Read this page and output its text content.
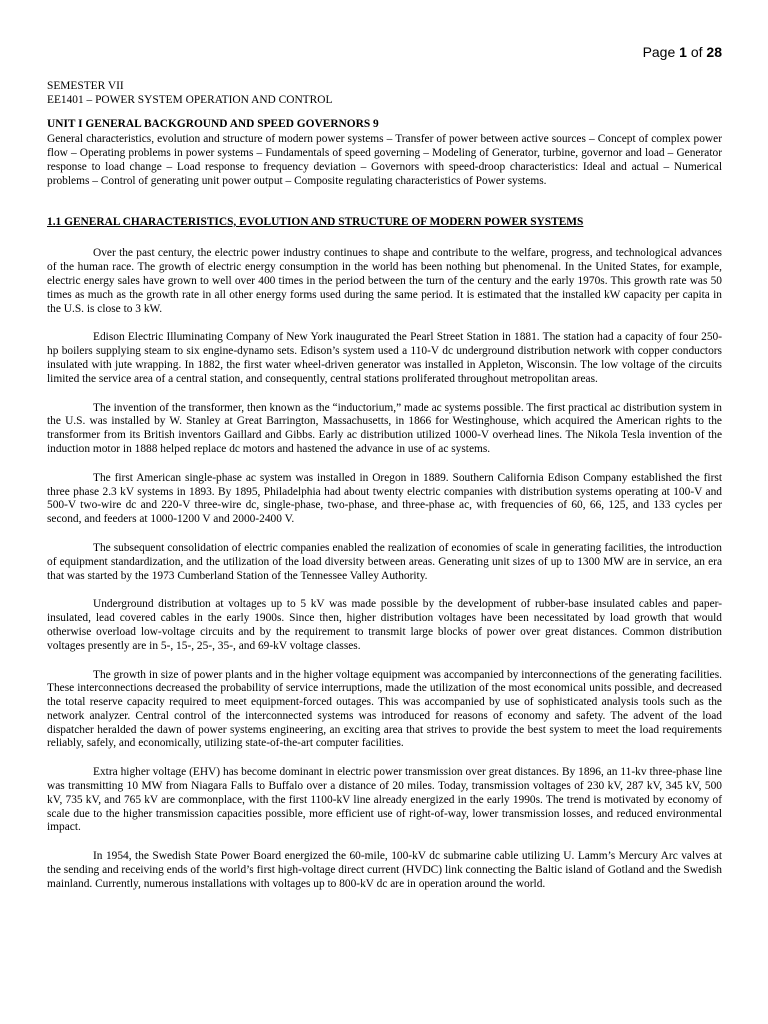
Page 1 of 28

SEMESTER VII

EE1401 – POWER SYSTEM OPERATION AND CONTROL

UNIT I GENERAL BACKGROUND AND SPEED GOVERNORS 9

General characteristics, evolution and structure of modern power systems – Transfer of power between active sources – Concept of complex power flow – Operating problems in power systems – Fundamentals of speed governing – Modeling of Generator, turbine, governor and load – Generator response to load change – Load response to frequency deviation – Governors with speed-droop characteristics: Ideal and actual – Numerical problems – Control of generating unit power output – Composite regulating characteristics of Power systems.

1.1 GENERAL CHARACTERISTICS, EVOLUTION AND STRUCTURE OF MODERN POWER SYSTEMS

Over the past century, the electric power industry continues to shape and contribute to the welfare, progress, and technological advances of the human race. The growth of electric energy consumption in the world has been nothing but phenomenal. In the United States, for example, electric energy sales have grown to well over 400 times in the period between the turn of the century and the early 1970s. This growth rate was 50 times as much as the growth rate in all other energy forms used during the same period. It is estimated that the installed kW capacity per capita in the U.S. is close to 3 kW.

Edison Electric Illuminating Company of New York inaugurated the Pearl Street Station in 1881. The station had a capacity of four 250-hp boilers supplying steam to six engine-dynamo sets. Edison’s system used a 110-V dc underground distribution network with copper conductors insulated with jute wrapping. In 1882, the first water wheel-driven generator was installed in Appleton, Wisconsin. The low voltage of the circuits limited the service area of a central station, and consequently, central stations proliferated throughout metropolitan areas.

The invention of the transformer, then known as the “inductorium,” made ac systems possible. The first practical ac distribution system in the U.S. was installed by W. Stanley at Great Barrington, Massachusetts, in 1866 for Westinghouse, which acquired the American rights to the transformer from its British inventors Gaillard and Gibbs. Early ac distribution utilized 1000-V overhead lines. The Nikola Tesla invention of the induction motor in 1888 helped replace dc motors and hastened the advance in use of ac systems.

The first American single-phase ac system was installed in Oregon in 1889. Southern California Edison Company established the first three phase 2.3 kV systems in 1893. By 1895, Philadelphia had about twenty electric companies with distribution systems operating at 100-V and 500-V two-wire dc and 220-V three-wire dc, single-phase, two-phase, and three-phase ac, with frequencies of 60, 66, 125, and 133 cycles per second, and feeders at 1000-1200 V and 2000-2400 V.

The subsequent consolidation of electric companies enabled the realization of economies of scale in generating facilities, the introduction of equipment standardization, and the utilization of the load diversity between areas. Generating unit sizes of up to 1300 MW are in service, an era that was started by the 1973 Cumberland Station of the Tennessee Valley Authority.

Underground distribution at voltages up to 5 kV was made possible by the development of rubber-base insulated cables and paper-insulated, lead covered cables in the early 1900s. Since then, higher distribution voltages have been necessitated by load growth that would otherwise overload low-voltage circuits and by the requirement to transmit large blocks of power over great distances. Common distribution voltages presently are in 5-, 15-, 25-, 35-, and 69-kV voltage classes.

The growth in size of power plants and in the higher voltage equipment was accompanied by interconnections of the generating facilities. These interconnections decreased the probability of service interruptions, made the utilization of the most economical units possible, and decreased the total reserve capacity required to meet equipment-forced outages. This was accompanied by use of sophisticated analysis tools such as the network analyzer. Central control of the interconnected systems was introduced for reasons of economy and safety. The advent of the load dispatcher heralded the dawn of power systems engineering, an exciting area that strives to provide the best system to meet the load requirements reliably, safely, and economically, utilizing state-of-the-art computer facilities.

Extra higher voltage (EHV) has become dominant in electric power transmission over great distances. By 1896, an 11-kv three-phase line was transmitting 10 MW from Niagara Falls to Buffalo over a distance of 20 miles. Today, transmission voltages of 230 kV, 287 kV, 345 kV, 500 kV, 735 kV, and 765 kV are commonplace, with the first 1100-kV line already energized in the early 1990s. The trend is motivated by economy of scale due to the higher transmission capacities possible, more efficient use of right-of-way, lower transmission losses, and reduced environmental impact.

In 1954, the Swedish State Power Board energized the 60-mile, 100-kV dc submarine cable utilizing U. Lamm’s Mercury Arc valves at the sending and receiving ends of the world’s first high-voltage direct current (HVDC) link connecting the Baltic island of Gotland and the Swedish mainland. Currently, numerous installations with voltages up to 800-kV dc are in operation around the world.
